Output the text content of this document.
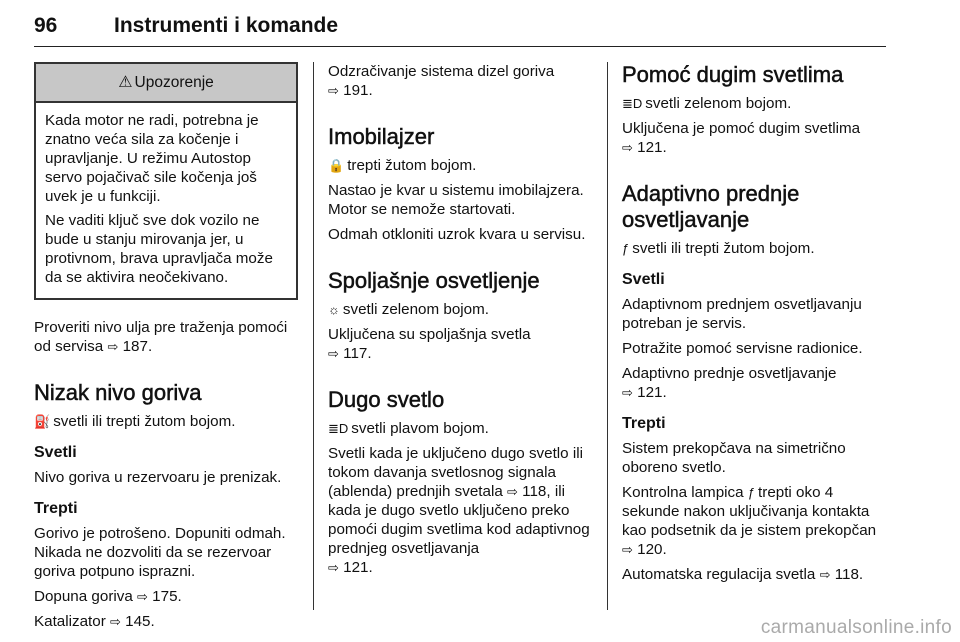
96	Instrumenti i komande
⚠ Upozorenje

Kada motor ne radi, potrebna je znatno veća sila za kočenje i upravljanje. U režimu Autostop servo pojačivač sile kočenja još uvek je u funkciji.

Ne vaditi ključ sve dok vozilo ne bude u stanju mirovanja jer, u protivnom, brava upravljača može da se aktivira neočekivano.

Proveriti nivo ulja pre traženja pomoći od servisa ⇨ 187.

Nizak nivo goriva

⛽ svetli ili trepti žutom bojom.

Svetli

Nivo goriva u rezervoaru je prenizak.

Trepti

Gorivo je potrošeno. Dopuniti odmah. Nikada ne dozvoliti da se rezervoar goriva potpuno isprazni.

Dopuna goriva ⇨ 175.

Katalizator ⇨ 145.

Odzračivanje sistema dizel goriva
⇨ 191.

Imobilajzer

🔒 trepti žutom bojom.

Nastao je kvar u sistemu imobilajzera. Motor se nemože startovati.

Odmah otkloniti uzrok kvara u servisu.

Spoljašnje osvetljenje

☼ svetli zelenom bojom.

Uključena su spoljašnja svetla
⇨ 117.

Dugo svetlo

≣D svetli plavom bojom.

Svetli kada je uključeno dugo svetlo ili tokom davanja svetlosnog signala (ablenda) prednjih svetala ⇨ 118, ili kada je dugo svetlo uključeno preko pomoći dugim svetlima kod adaptivnog prednjeg osvetljavanja
⇨ 121.

Pomoć dugim svetlima

≣D svetli zelenom bojom.

Uključena je pomoć dugim svetlima
⇨ 121.

Adaptivno prednje osvetljavanje

ƒ svetli ili trepti žutom bojom.

Svetli

Adaptivnom prednjem osvetljavanju potreban je servis.

Potražite pomoć servisne radionice.

Adaptivno prednje osvetljavanje
⇨ 121.

Trepti

Sistem prekopčava na simetrično oboreno svetlo.

Kontrolna lampica ƒ trepti oko 4 sekunde nakon uključivanja kontakta kao podsetnik da je sistem prekopčan ⇨ 120.

Automatska regulacija svetla ⇨ 118.

carmanualsonline.info
